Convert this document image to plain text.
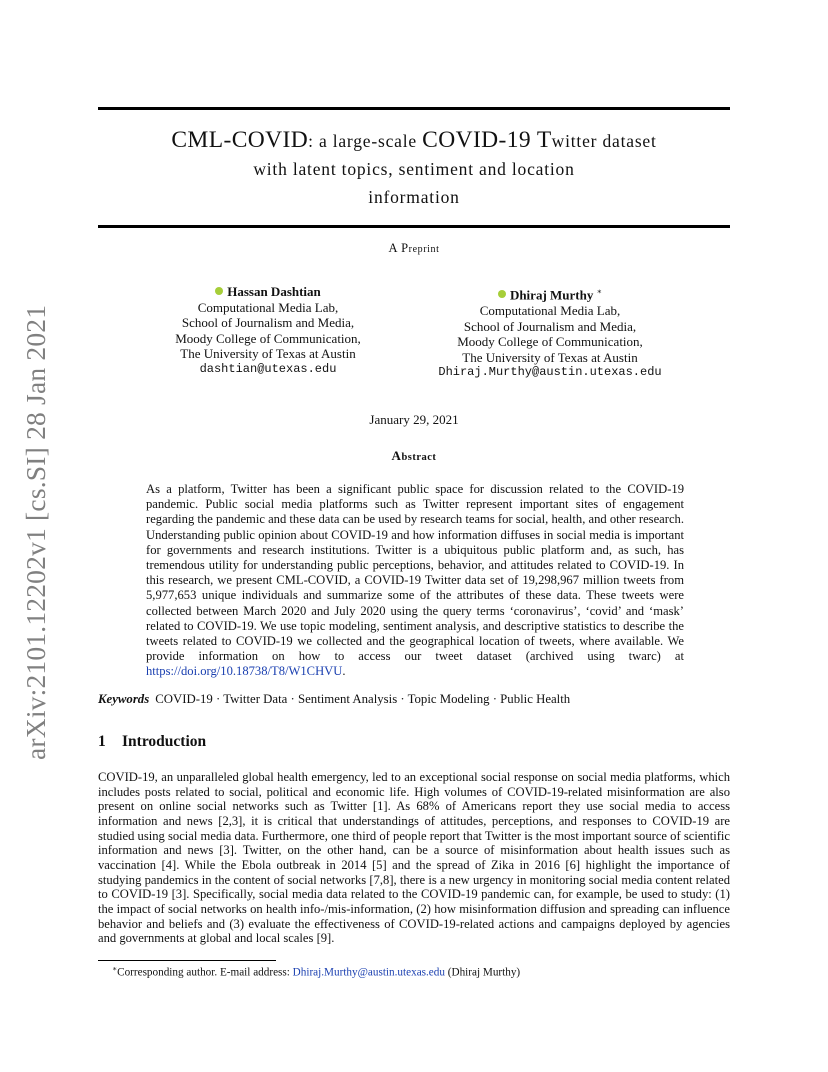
arXiv:2101.12202v1 [cs.SI] 28 Jan 2021
CML-COVID: a large-scale COVID-19 Twitter dataset
with latent topics, sentiment and location
information
A Preprint
Hassan Dashtian
Computational Media Lab,
School of Journalism and Media,
Moody College of Communication,
The University of Texas at Austin
dashtian@utexas.edu
Dhiraj Murthy ∗
Computational Media Lab,
School of Journalism and Media,
Moody College of Communication,
The University of Texas at Austin
Dhiraj.Murthy@austin.utexas.edu
January 29, 2021
Abstract
As a platform, Twitter has been a significant public space for discussion related to the COVID-19 pandemic. Public social media platforms such as Twitter represent important sites of engagement regarding the pandemic and these data can be used by research teams for social, health, and other research. Understanding public opinion about COVID-19 and how information diffuses in social media is important for governments and research institutions. Twitter is a ubiquitous public platform and, as such, has tremendous utility for understanding public perceptions, behavior, and attitudes related to COVID-19. In this research, we present CML-COVID, a COVID-19 Twitter data set of 19,298,967 million tweets from 5,977,653 unique individuals and summarize some of the attributes of these data. These tweets were collected between March 2020 and July 2020 using the query terms ‘coronavirus’, ‘covid’ and ‘mask’ related to COVID-19. We use topic modeling, sentiment analysis, and descriptive statistics to describe the tweets related to COVID-19 we collected and the geographical location of tweets, where available. We provide information on how to access our tweet dataset (archived using twarc) at https://doi.org/10.18738/T8/W1CHVU.
Keywords COVID-19 · Twitter Data · Sentiment Analysis · Topic Modeling · Public Health
1 Introduction
COVID-19, an unparalleled global health emergency, led to an exceptional social response on social media platforms, which includes posts related to social, political and economic life. High volumes of COVID-19-related misinformation are also present on online social networks such as Twitter [1]. As 68% of Americans report they use social media to access information and news [2,3], it is critical that understandings of attitudes, perceptions, and responses to COVID-19 are studied using social media data. Furthermore, one third of people report that Twitter is the most important source of scientific information and news [3]. Twitter, on the other hand, can be a source of misinformation about health issues such as vaccination [4]. While the Ebola outbreak in 2014 [5] and the spread of Zika in 2016 [6] highlight the importance of studying pandemics in the content of social networks [7,8], there is a new urgency in monitoring social media content related to COVID-19 [3]. Specifically, social media data related to the COVID-19 pandemic can, for example, be used to study: (1) the impact of social networks on health info-/mis-information, (2) how misinformation diffusion and spreading can influence behavior and beliefs and (3) evaluate the effectiveness of COVID-19-related actions and campaigns deployed by agencies and governments at global and local scales [9].
∗Corresponding author. E-mail address: Dhiraj.Murthy@austin.utexas.edu (Dhiraj Murthy)
